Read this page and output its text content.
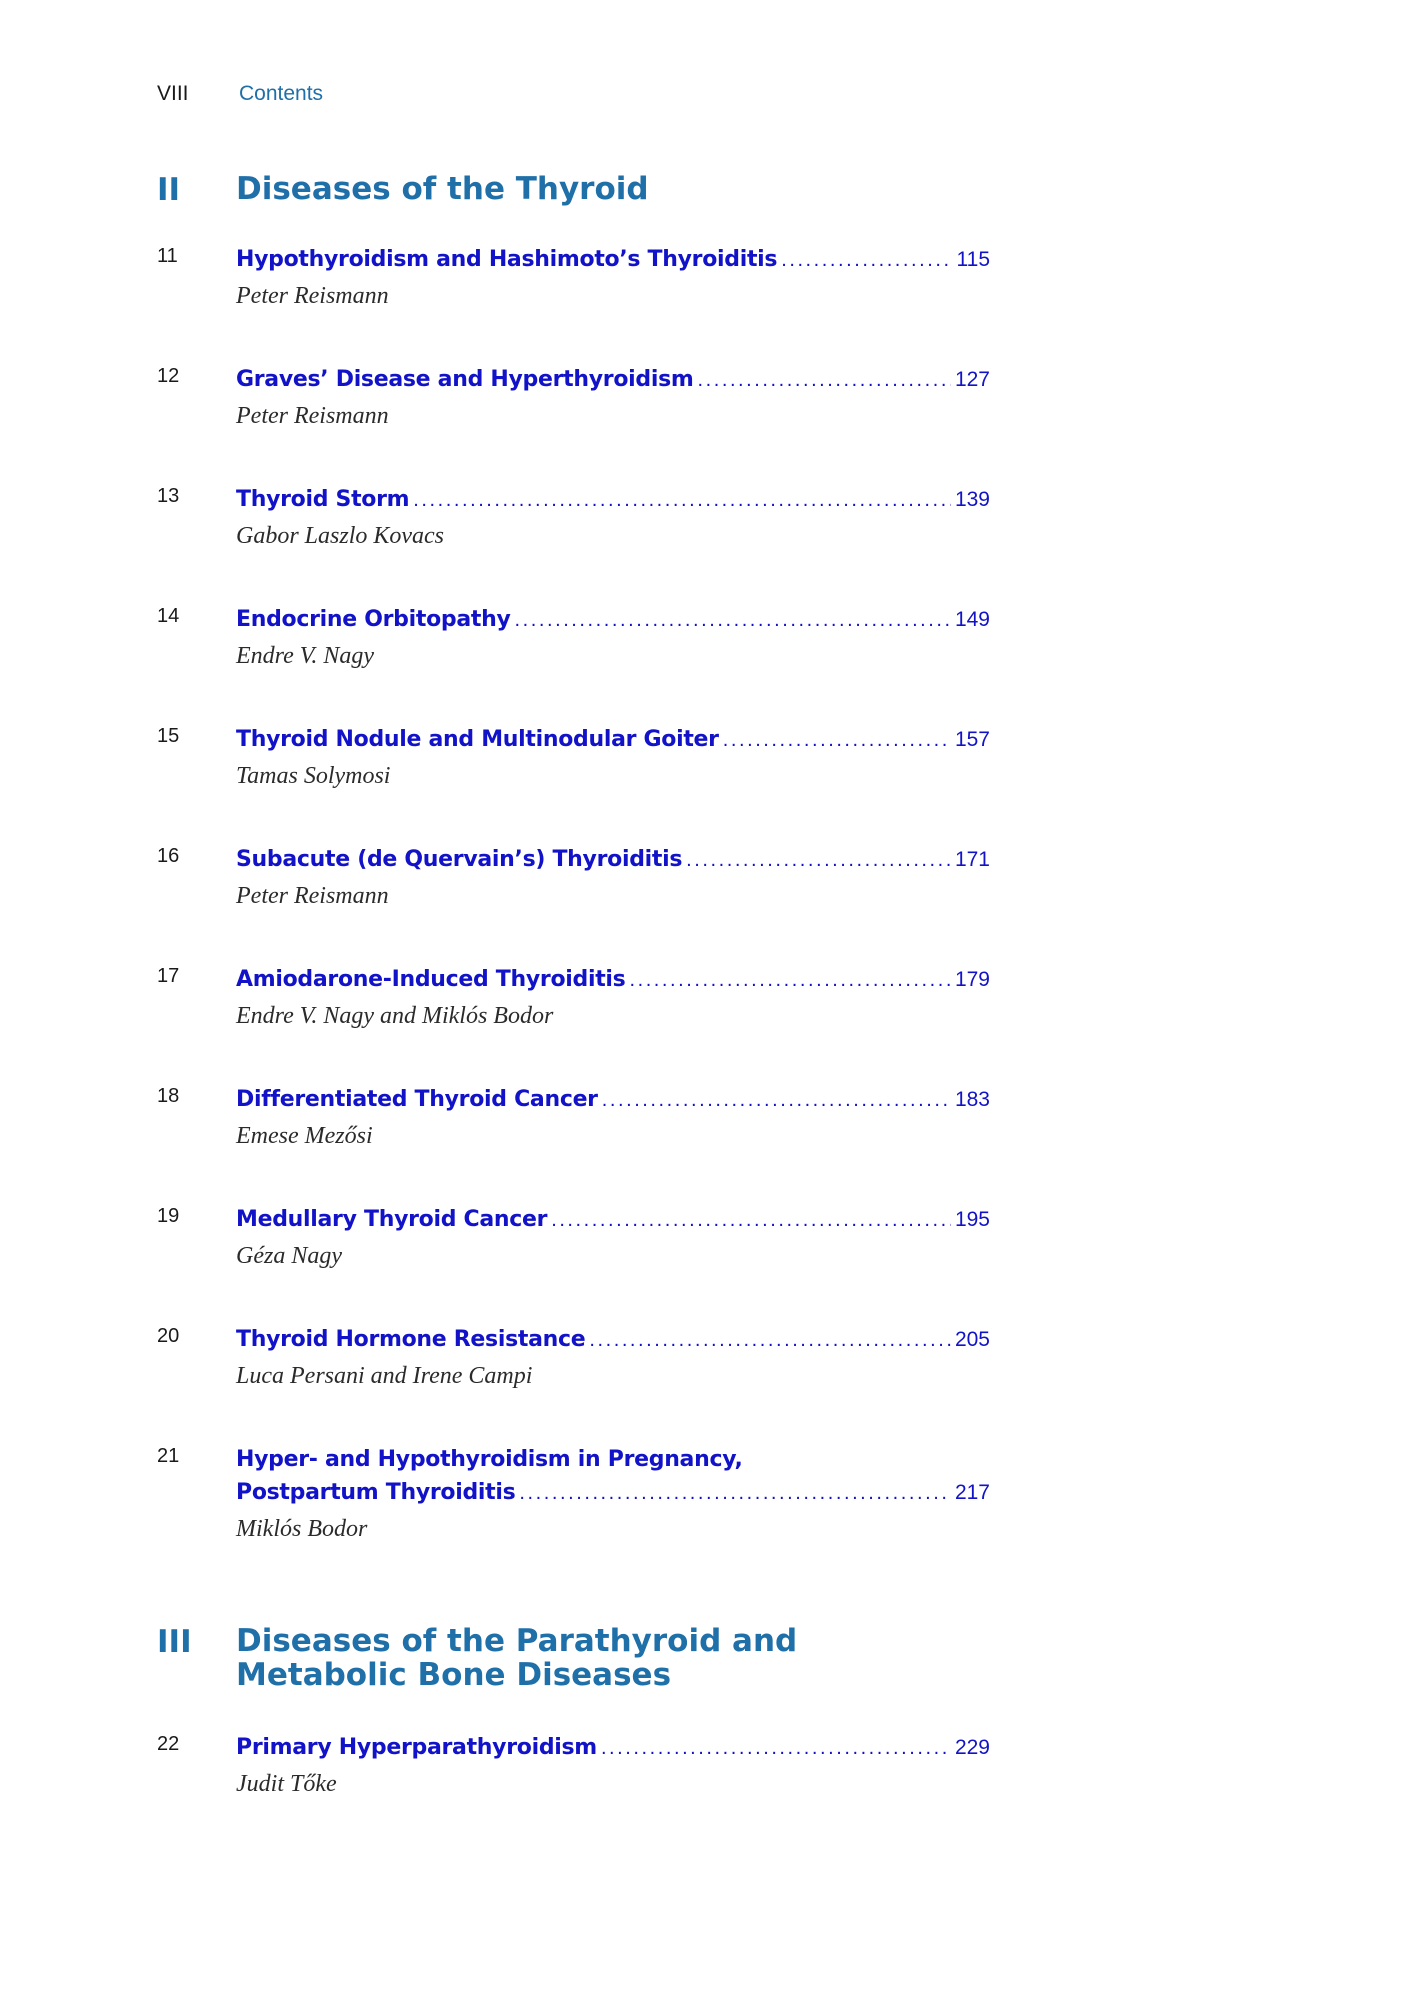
VIII Contents
II Diseases of the Thyroid
11	Hypothyroidism and Hashimoto’s Thyroiditis . . .	115
Peter Reismann
12	Graves’ Disease and Hyperthyroidism . . .	127
Peter Reismann
13	Thyroid Storm . . .	139
Gabor Laszlo Kovacs
14	Endocrine Orbitopathy . . .	149
Endre V. Nagy
15	Thyroid Nodule and Multinodular Goiter . . .	157
Tamas Solymosi
16	Subacute (de Quervain’s) Thyroiditis . . .	171
Peter Reismann
17	Amiodarone-Induced Thyroiditis . . .	179
Endre V. Nagy and Miklós Bodor
18	Differentiated Thyroid Cancer . . .	183
Emese Mezősi
19	Medullary Thyroid Cancer . . .	195
Géza Nagy
20	Thyroid Hormone Resistance . . .	205
Luca Persani and Irene Campi
21	Hyper- and Hypothyroidism in Pregnancy,
Postpartum Thyroiditis . . .	217
Miklós Bodor
III Diseases of the Parathyroid and
Metabolic Bone Diseases
22	Primary Hyperparathyroidism . . .	229
Judit Tőke
